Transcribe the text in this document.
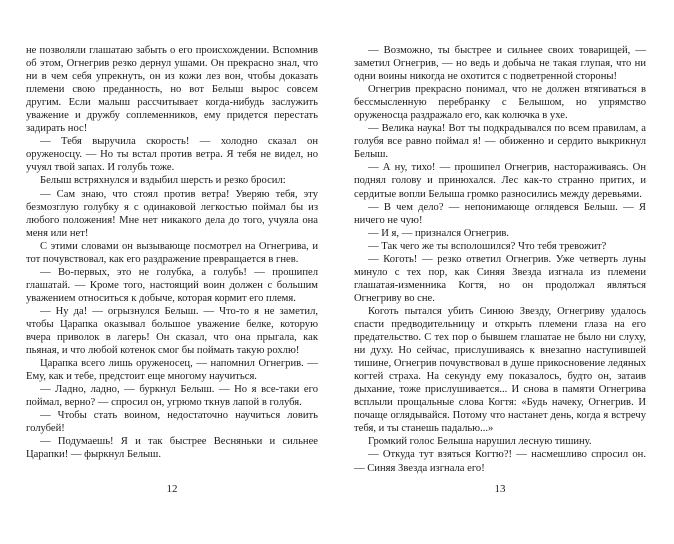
не позволяли глашатаю забыть о его происхождении. Вспомнив об этом, Огнегрив резко дернул ушами. Он прекрасно знал, что ни в чем себя упрекнуть, он из кожи лез вон, чтобы доказать племени свою преданность, но вот Белыш вырос совсем другим. Если малыш рассчитывает когда-нибудь заслужить уважение и дружбу соплеменников, ему придется перестать задирать нос!

— Тебя выручила скорость! — холодно сказал он оруженосцу. — Но ты встал против ветра. Я тебя не видел, но учуял твой запах. И голубь тоже.

Белыш встряхнулся и вздыбил шерсть и резко бросил:

— Сам знаю, что стоял против ветра! Уверяю тебя, эту безмозглую голубку я с одинаковой легкостью поймал бы из любого положения! Мне нет никакого дела до того, учуяла она меня или нет!

С этими словами он вызывающе посмотрел на Огнегрива, и тот почувствовал, как его раздражение превращается в гнев.

— Во-первых, это не голубка, а голубь! — прошипел глашатай. — Кроме того, настоящий воин должен с большим уважением относиться к добыче, которая кормит его племя.

— Ну да! — огрызнулся Белыш. — Что-то я не заметил, чтобы Царапка оказывал большое уважение белке, которую вчера приволок в лагерь! Он сказал, что она прыгала, как пьяная, и что любой котенок смог бы поймать такую рохлю!

Царапка всего лишь оруженосец, — напомнил Огнегрив. — Ему, как и тебе, предстоит еще многому научиться.

— Ладно, ладно, — буркнул Белыш. — Но я все-таки его поймал, верно? — спросил он, угрюмо ткнув лапой в голубя.

— Чтобы стать воином, недостаточно научиться ловить голубей!

— Подумаешь! Я и так быстрее Весняньки и сильнее Царапки! — фыркнул Белыш.

12

— Возможно, ты быстрее и сильнее своих товарищей, — заметил Огнегрив, — но ведь и добыча не такая глупая, что ни одни воины никогда не охотится с подветренной стороны!

Огнегрив прекрасно понимал, что не должен втягиваться в бессмысленную перебранку с Белышом, но упрямство оруженосца раздражало его, как колючка в ухе.

— Велика наука! Вот ты подкрадывался по всем правилам, а голубя все равно поймал я! — обиженно и сердито выкрикнул Белыш.

— А ну, тихо! — прошипел Огнегрив, настораживаясь. Он поднял голову и принюхался. Лес как-то странно притих, и сердитые вопли Белыша громко разносились между деревьями.

— В чем дело? — непонимающе оглядевся Белыш. — Я ничего не чую!

— И я, — признался Огнегрив.

— Так чего же ты всполошился? Что тебя тревожит?

— Коготь! — резко ответил Огнегрив. Уже четверть луны минуло с тех пор, как Синяя Звезда изгнала из племени глашатая-изменника Когтя, но он продолжал являться Огнегриву во сне.

Коготь пытался убить Синюю Звезду, Огнегриву удалось спасти предводительницу и открыть племени глаза на его предательство. С тех пор о бывшем глашатае не было ни слуху, ни духу. Но сейчас, прислушиваясь к внезапно наступившей тишине, Огнегрив почувствовал в душе прикосновение ледяных когтей страха. На секунду ему показалось, будто он, затаив дыхание, тоже прислушивается... И снова в памяти Огнегрива всплыли прощальные слова Когтя: «Будь начеку, Огнегрив. И почаще оглядывайся. Потому что настанет день, когда я встречу тебя, и ты станешь падалью...»

Громкий голос Белыша нарушил лесную тишину.

— Откуда тут взяться Когтю?! — насмешливо спросил он. — Синяя Звезда изгнала его!

13
